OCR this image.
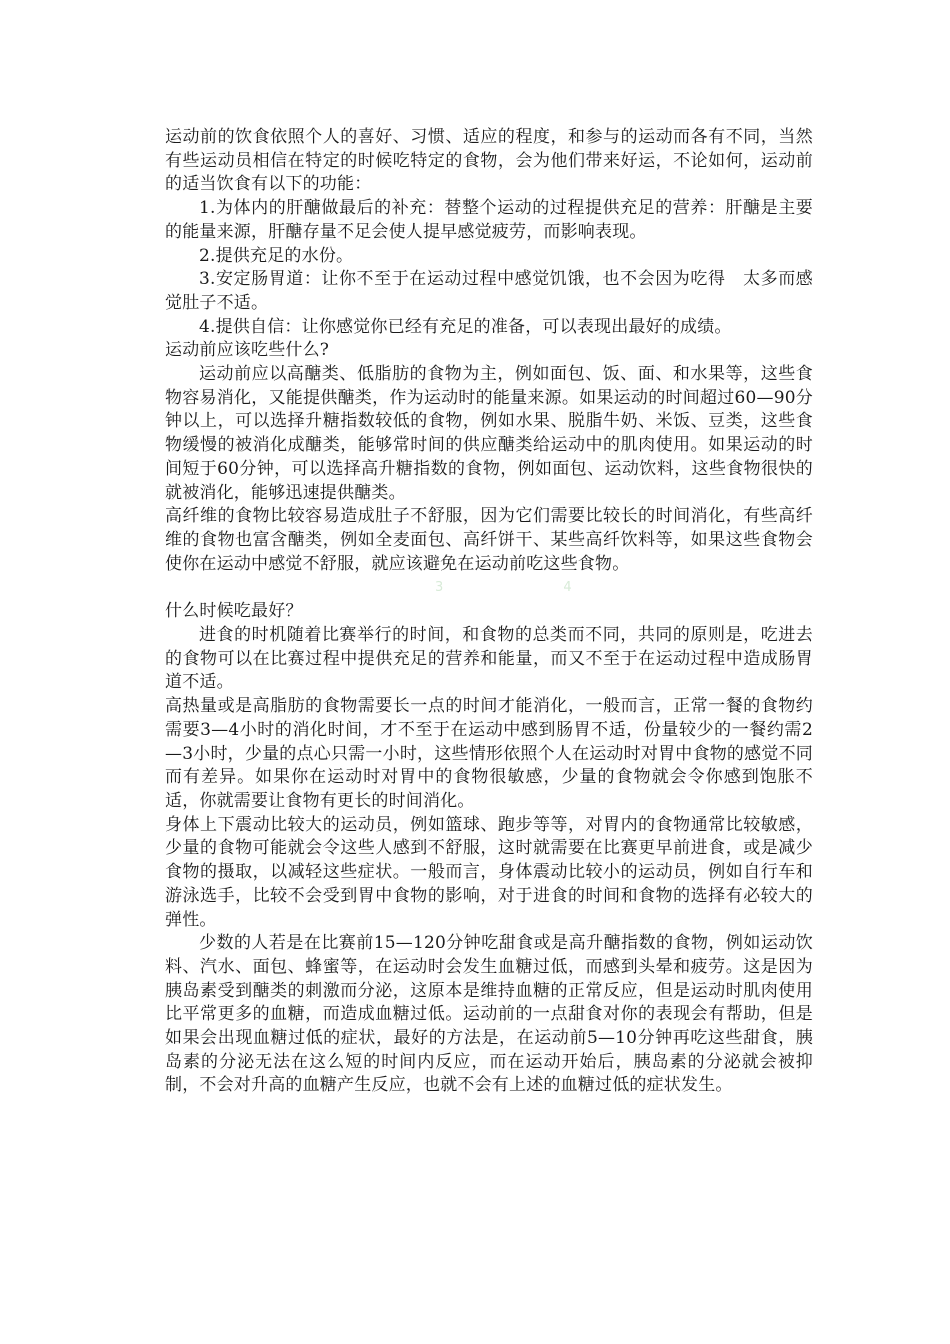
运动前的饮食依照个人的喜好、习惯、适应的程度，和参与的运动而各有不同，当然有些运动员相信在特定的时候吃特定的食物，会为他们带来好运，不论如何，运动前的适当饮食有以下的功能：

1.为体内的肝醣做最后的补充：替整个运动的过程提供充足的营养：肝醣是主要的能量来源，肝醣存量不足会使人提早感觉疲劳，而影响表现。

2.提供充足的水份。

3.安定肠胃道：让你不至于在运动过程中感觉饥饿，也不会因为吃得　太多而感觉肚子不适。

4.提供自信：让你感觉你已经有充足的准备，可以表现出最好的成绩。

运动前应该吃些什么?

运动前应以高醣类、低脂肪的食物为主，例如面包、饭、面、和水果等，这些食物容易消化，又能提供醣类，作为运动时的能量来源。如果运动的时间超过60—90分钟以上，可以选择升糖指数较低的食物，例如水果、脱脂牛奶、米饭、豆类，这些食物缓慢的被消化成醣类，能够常时间的供应醣类给运动中的肌肉使用。如果运动的时间短于60分钟，可以选择高升糖指数的食物，例如面包、运动饮料，这些食物很快的就被消化，能够迅速提供醣类。

高纤维的食物比较容易造成肚子不舒服，因为它们需要比较长的时间消化，有些高纤维的食物也富含醣类，例如全麦面包、高纤饼干、某些高纤饮料等，如果这些食物会使你在运动中感觉不舒服，就应该避免在运动前吃这些食物。

3 4

什么时候吃最好？

进食的时机随着比赛举行的时间，和食物的总类而不同，共同的原则是，吃进去的食物可以在比赛过程中提供充足的营养和能量，而又不至于在运动过程中造成肠胃道不适。

高热量或是高脂肪的食物需要长一点的时间才能消化，一般而言，正常一餐的食物约需要3—4小时的消化时间，才不至于在运动中感到肠胃不适，份量较少的一餐约需2—3小时，少量的点心只需一小时，这些情形依照个人在运动时对胃中食物的感觉不同而有差异。如果你在运动时对胃中的食物很敏感，少量的食物就会令你感到饱胀不适，你就需要让食物有更长的时间消化。

身体上下震动比较大的运动员，例如篮球、跑步等等，对胃内的食物通常比较敏感，少量的食物可能就会令这些人感到不舒服，这时就需要在比赛更早前进食，或是减少食物的摄取，以减轻这些症状。一般而言，身体震动比较小的运动员，例如自行车和游泳选手，比较不会受到胃中食物的影响，对于进食的时间和食物的选择有必较大的弹性。

少数的人若是在比赛前15—120分钟吃甜食或是高升醣指数的食物，例如运动饮料、汽水、面包、蜂蜜等，在运动时会发生血糖过低，而感到头晕和疲劳。这是因为胰岛素受到醣类的刺激而分泌，这原本是维持血糖的正常反应，但是运动时肌肉使用比平常更多的血糖，而造成血糖过低。运动前的一点甜食对你的表现会有帮助，但是如果会出现血糖过低的症状，最好的方法是，在运动前5—10分钟再吃这些甜食，胰岛素的分泌无法在这么短的时间内反应，而在运动开始后，胰岛素的分泌就会被抑制，不会对升高的血糖产生反应，也就不会有上述的血糖过低的症状发生。
